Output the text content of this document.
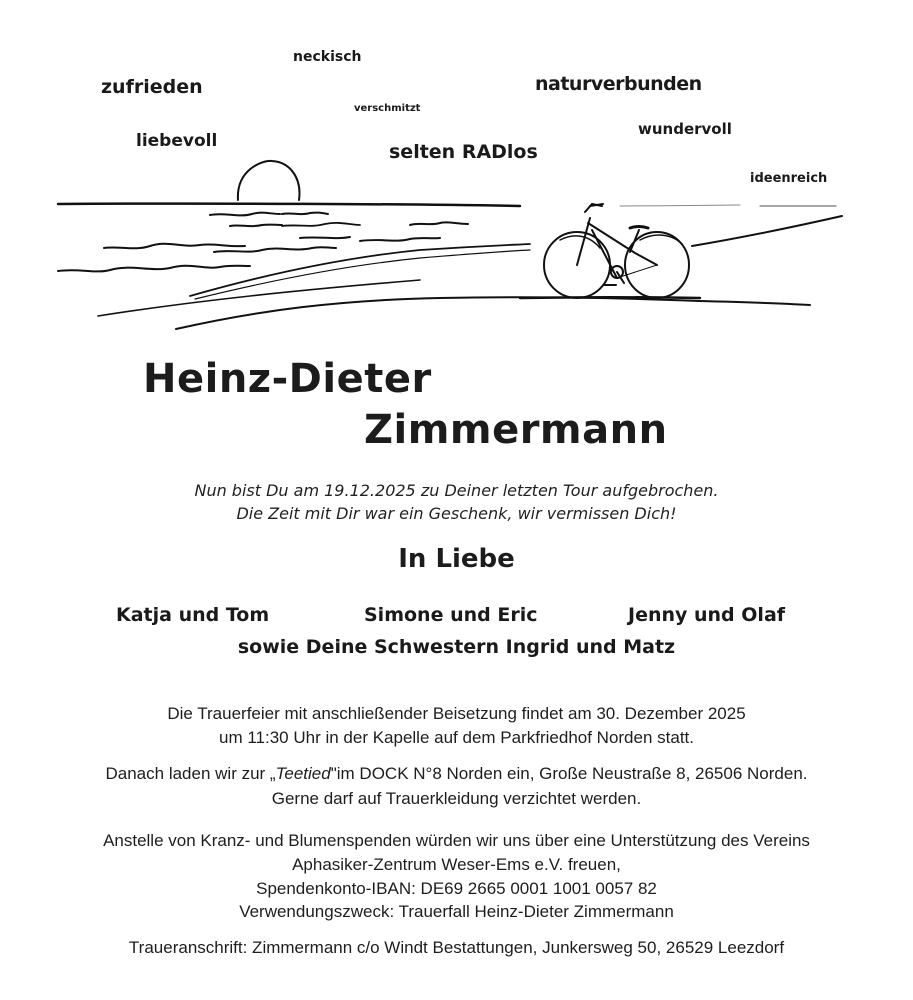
neckisch
zufrieden	naturverbunden
verschmitzt
wundervoll
liebevoll	selten RADlos
ideenreich
Heinz-Dieter
Zimmermann
Nun bist Du am 19.12.2025 zu Deiner letzten Tour aufgebrochen.
Die Zeit mit Dir war ein Geschenk, wir vermissen Dich!
In Liebe
Katja und Tom	Simone und Eric	Jenny und Olaf
sowie Deine Schwestern Ingrid und Matz
Die Trauerfeier mit anschließender Beisetzung findet am 30. Dezember 2025
um 11:30 Uhr in der Kapelle auf dem Parkfriedhof Norden statt.
Danach laden wir zur „Teetied"im DOCK N°8 Norden ein, Große Neustraße 8, 26506 Norden.
Gerne darf auf Trauerkleidung verzichtet werden.
Anstelle von Kranz- und Blumenspenden würden wir uns über eine Unterstützung des Vereins
Aphasiker-Zentrum Weser-Ems e.V. freuen,
Spendenkonto-IBAN: DE69 2665 0001 1001 0057 82
Verwendungszweck: Trauerfall Heinz-Dieter Zimmermann
Traueranschrift: Zimmermann c/o Windt Bestattungen, Junkersweg 50, 26529 Leezdorf
